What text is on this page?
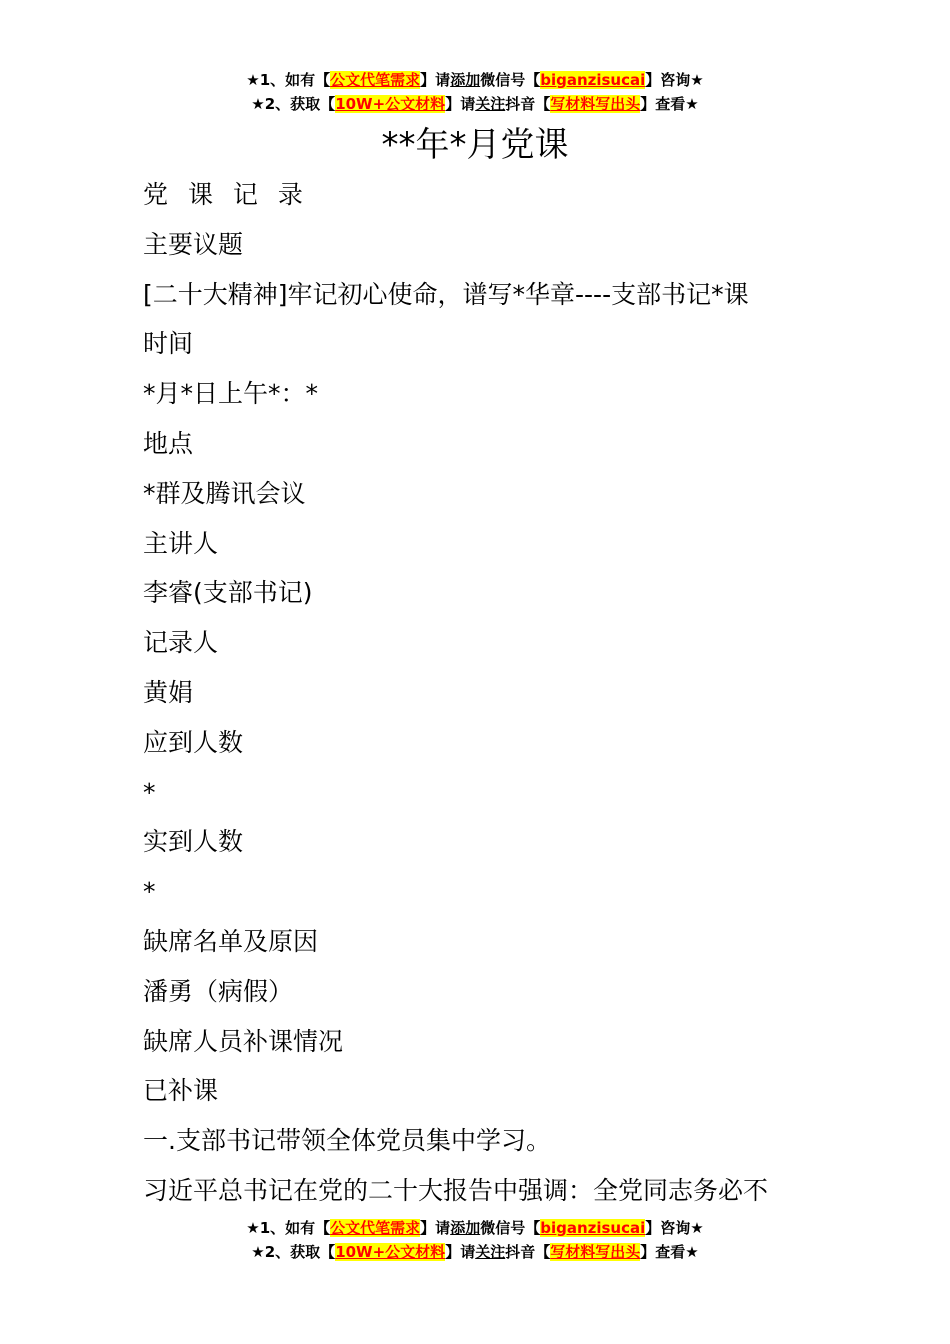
★1、如有【公文代笔需求】请添加微信号【biganzisucai】咨询★
★2、获取【10W+公文材料】请关注抖音【写材料写出头】查看★
**年*月党课
党 课 记 录
主要议题
[二十大精神]牢记初心使命，谱写*华章----支部书记*课
时间
*月*日上午*：*
地点
*群及腾讯会议
主讲人
李睿(支部书记)
记录人
黄娟
应到人数
*
实到人数
*
缺席名单及原因
潘勇（病假）
缺席人员补课情况
已补课
一.支部书记带领全体党员集中学习。
习近平总书记在党的二十大报告中强调：全党同志务必不
★1、如有【公文代笔需求】请添加微信号【biganzisucai】咨询★
★2、获取【10W+公文材料】请关注抖音【写材料写出头】查看★
